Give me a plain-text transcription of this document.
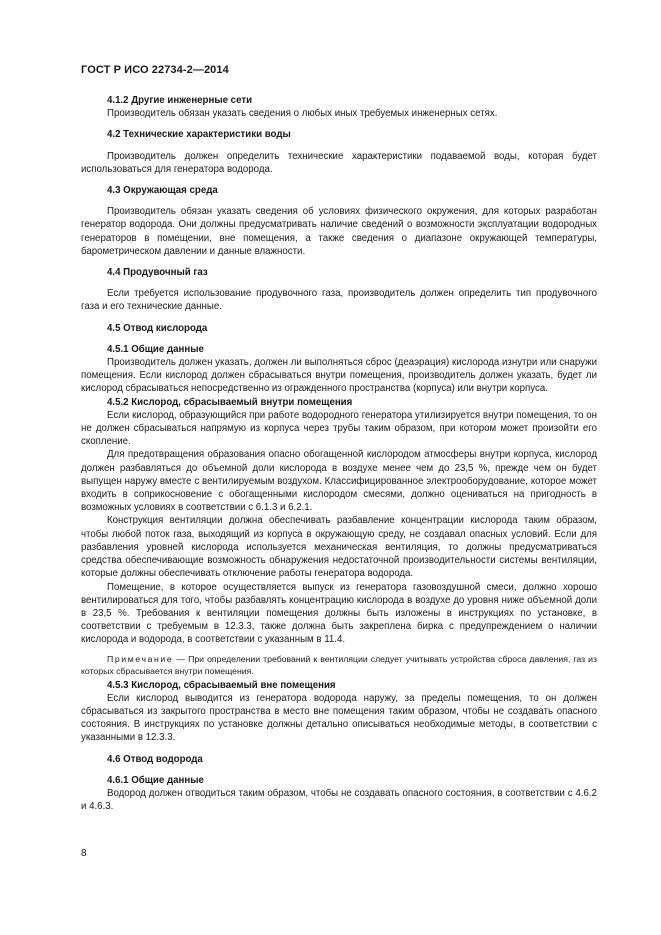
ГОСТ Р ИСО 22734-2—2014
4.1.2 Другие инженерные сети

Производитель обязан указать сведения о любых иных требуемых инженерных сетях.

4.2 Технические характеристики воды

Производитель должен определить технические характеристики подаваемой воды, которая будет использоваться для генератора водорода.

4.3 Окружающая среда

Производитель обязан указать сведения об условиях физического окружения, для которых разработан генератор водорода. Они должны предусматривать наличие сведений о возможности эксплуатации водородных генераторов в помещении, вне помещения, а также сведения о диапазоне окружающей температуры, барометрическом давлении и данные влажности.

4.4 Продувочный газ

Если требуется использование продувочного газа, производитель должен определить тип продувочного газа и его технические данные.

4.5 Отвод кислорода
4.5.1 Общие данные

Производитель должен указать, должен ли выполняться сброс (деаэрация) кислорода изнутри или снаружи помещения. Если кислород должен сбрасываться внутри помещения, производитель должен указать, будет ли кислород сбрасываться непосредственно из огражденного пространства (корпуса) или внутри корпуса.

4.5.2 Кислород, сбрасываемый внутри помещения

Если кислород, образующийся при работе водородного генератора утилизируется внутри помещения, то он не должен сбрасываться напрямую из корпуса через трубы таким образом, при котором может произойти его скопление.

Для предотвращения образования опасно обогащенной кислородом атмосферы внутри корпуса, кислород должен разбавляться до объемной доли кислорода в воздухе менее чем до 23,5 %, прежде чем он будет выпущен наружу вместе с вентилируемым воздухом. Классифицированное электрооборудование, которое может входить в соприкосновение с обогащенными кислородом смесями, должно оцениваться на пригодность в возможных условиях в соответствии с 6.1.3 и 6.2.1.

Конструкция вентиляции должна обеспечивать разбавление концентрации кислорода таким образом, чтобы любой поток газа, выходящий из корпуса в окружающую среду, не создавал опасных условий. Если для разбавления уровней кислорода используется механическая вентиляция, то должны предусматриваться средства обеспечивающие возможность обнаружения недостаточной производительности системы вентиляции, которые должны обеспечивать отключение работы генератора водорода.

Помещение, в которое осуществляется выпуск из генератора газовоздушной смеси, должно хорошо вентилироваться для того, чтобы разбавлять концентрацию кислорода в воздухе до уровня ниже объемной доли в 23,5 %. Требования к вентиляции помещения должны быть изложены в инструкциях по установке, в соответствии с требуемым в 12.3.3, также должна быть закреплена бирка с предупреждением о наличии кислорода и водорода, в соответствии с указанным в 11.4.

Примечание — При определении требований к вентиляции следует учитывать устройства сброса давления, газ из которых сбрасывается внутри помещения.
4.5.3 Кислород, сбрасываемый вне помещения

Если кислород выводится из генератора водорода наружу, за пределы помещения, то он должен сбрасываться из закрытого пространства в место вне помещения таким образом, чтобы не создавать опасного состояния. В инструкциях по установке должны детально описываться необходимые методы, в соответствии с указанными в 12.3.3.

4.6 Отвод водорода
4.6.1 Общие данные

Водород должен отводиться таким образом, чтобы не создавать опасного состояния, в соответствии с 4.6.2 и 4.6.3.

8
